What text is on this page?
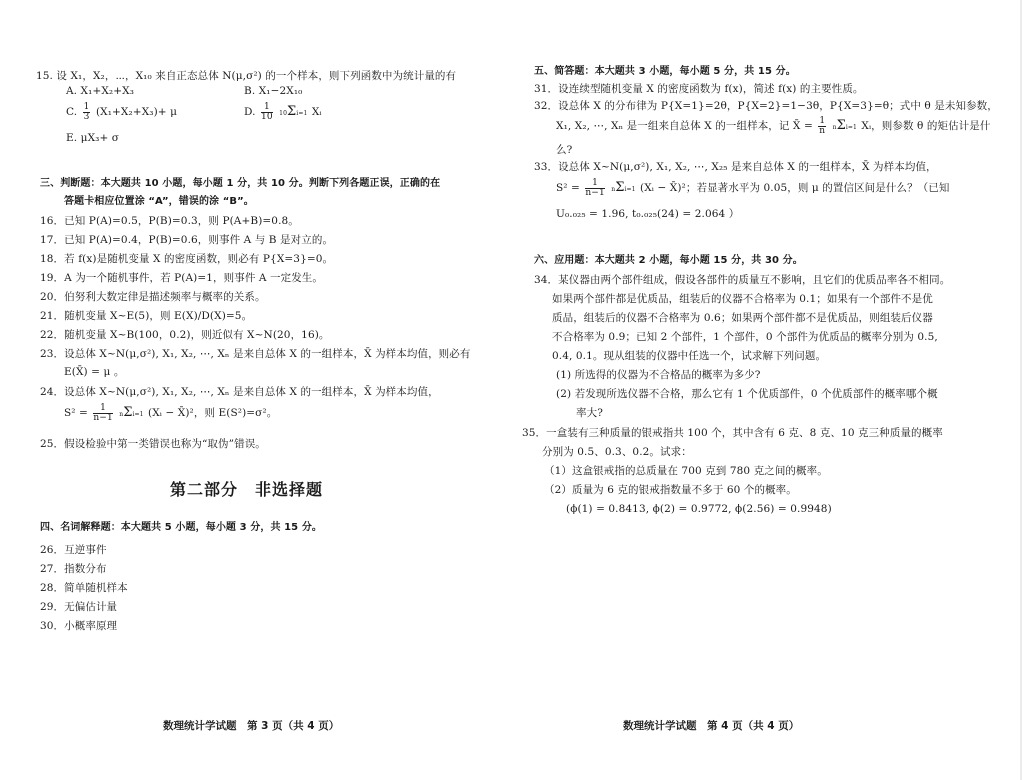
15. 设 X₁，X₂，⋯，X₁₀ 来自正态总体 N(μ,σ²) 的一个样本，则下列函数中为统计量的有
A. X₁+X₂+X₃	B. X₁−2X₁₀
C. $\frac{1}{3} (X_1+X_2+X_3)+ \mu$	D. $\frac{1}{10} 10\Sigma i=1$ Xᵢ
E. μX₃+ σ
三、判断题：本大题共 10 小题，每小题 1 分，共 10 分。判断下列各题正误，正确的在
答题卡相应位置涂 “A”，错误的涂 “B”。
16．已知 P(A)=0.5，P(B)=0.3，则 P(A+B)=0.8。
17．已知 P(A)=0.4，P(B)=0.6，则事件 A 与 B 是对立的。
18．若 f(x)是随机变量 X 的密度函数，则必有 P{X=3}=0。
19．A 为一个随机事件，若 P(A)=1，则事件 A 一定发生。
20．伯努利大数定律是描述频率与概率的关系。
21．随机变量 X~E(5)，则 E(X)/D(X)=5。
22．随机变量 X~B(100，0.2)，则近似有 X~N(20，16)。
23．设总体 X~N(μ,σ²), X₁, X₂, ⋯, Xₙ 是来自总体 X 的一组样本，X̄ 为样本均值，则必有
E(X̄) = μ 。
24．设总体 X~N(μ,σ²), X₁, X₂, ⋯, Xₙ 是来自总体 X 的一组样本，X̄ 为样本均值，
$S^2 = \frac{1}{n-1} n\Sigma i=1$ (Xᵢ − X̄)²，则 E(S²)=σ²。
25．假设检验中第一类错误也称为“取伪”错误。
第二部分　非选择题
四、名词解释题：本大题共 5 小题，每小题 3 分，共 15 分。
26．互逆事件
27．指数分布
28．简单随机样本
29．无偏估计量
30．小概率原理
数理统计学试题　第 3 页（共 4 页）
五、简答题：本大题共 3 小题，每小题 5 分，共 15 分。
31．设连续型随机变量 X 的密度函数为 f(x)，简述 f(x) 的主要性质。
32．设总体 X 的分布律为 P{X=1}=2θ，P{X=2}=1−3θ，P{X=3}=θ；式中 θ 是未知参数，
X₁, X₂, ⋯, Xₙ 是一组来自总体 X 的一组样本，记 X̄ = $\frac{1}{n} n\Sigma i=1$ Xᵢ，则参数 θ 的矩估计是什
么?
33．设总体 X~N(μ,σ²), X₁, X₂, ⋯, X₂₅ 是来自总体 X 的一组样本，X̄ 为样本均值，
$S^2 = \frac{1}{n-1} n\Sigma i=1$ (Xᵢ − X̄)²；若显著水平为 0.05，则 μ 的置信区间是什么？（已知
U₀.₀₂₅ = 1.96, t₀.₀₂₅(24) = 2.064 ）
六、应用题：本大题共 2 小题，每小题 15 分，共 30 分。
34．某仪器由两个部件组成，假设各部件的质量互不影响，且它们的优质品率各不相同。
如果两个部件都是优质品，组装后的仪器不合格率为 0.1；如果有一个部件不是优
质品，组装后的仪器不合格率为 0.6；如果两个部件都不是优质品，则组装后仪器
不合格率为 0.9；已知 2 个部件，1 个部件，0 个部件为优质品的概率分别为 0.5,
0.4, 0.1。现从组装的仪器中任选一个，试求解下列问题。
(1) 所选得的仪器为不合格品的概率为多少?
(2) 若发现所选仪器不合格，那么它有 1 个优质部件，0 个优质部件的概率哪个概
率大?
35．一盒装有三种质量的银戒指共 100 个，其中含有 6 克、8 克、10 克三种质量的概率
分别为 0.5、0.3、0.2。试求：
（1）这盒银戒指的总质量在 700 克到 780 克之间的概率。
（2）质量为 6 克的银戒指数量不多于 60 个的概率。
(ϕ(1) = 0.8413, ϕ(2) = 0.9772, ϕ(2.56) = 0.9948)
数理统计学试题　第 4 页（共 4 页）
